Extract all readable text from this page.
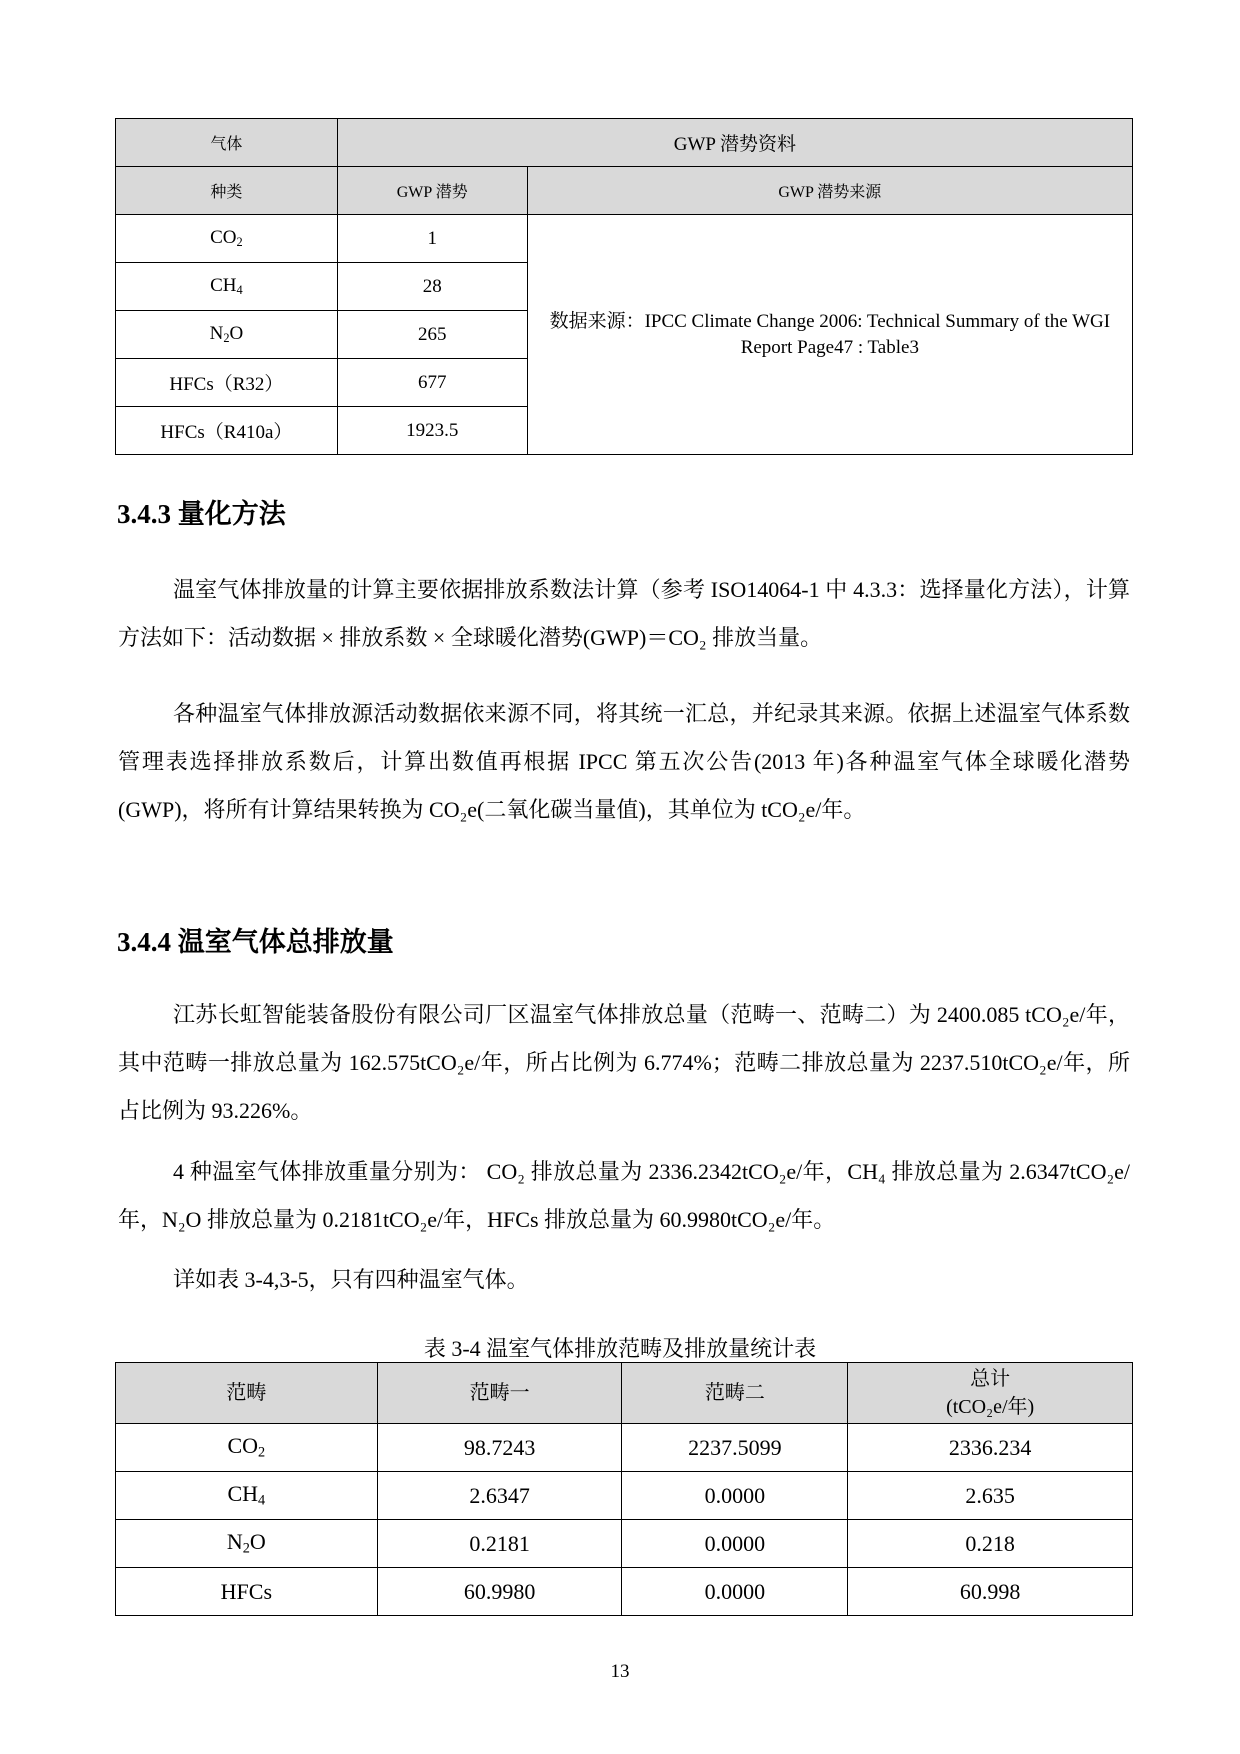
气体	GWP 潜势资料	
种类	GWP 潜势	GWP 潜势来源
$CO_2$	1	数据来源：IPCC Climate Change 2006: Technical Summary of the WGI Report Page47 : Table3
$CH_4$	28	
$N_2O$	265	
HFCs（R32）	677	
HFCs（R410a）	1923.5	
3.4.3 量化方法

温室气体排放量的计算主要依据排放系数法计算（参考 ISO14064-1 中 4.3.3：选择量化方法），计算方法如下：活动数据 × 排放系数 × 全球暖化潜势(GWP)＝CO₂ 排放当量。

各种温室气体排放源活动数据依来源不同，将其统一汇总，并纪录其来源。依据上述温室气体系数管理表选择排放系数后，计算出数值再根据 IPCC 第五次公告(2013 年)各种温室气体全球暖化潜势(GWP)，将所有计算结果转换为 CO₂e(二氧化碳当量值)，其单位为 tCO₂e/年。

3.4.4 温室气体总排放量

江苏长虹智能装备股份有限公司厂区温室气体排放总量（范畴一、范畴二）为 2400.085 tCO₂e/年，其中范畴一排放总量为 162.575tCO₂e/年，所占比例为 6.774%；范畴二排放总量为 2237.510tCO₂e/年，所占比例为 93.226%。

4 种温室气体排放重量分别为： CO₂ 排放总量为 2336.2342tCO₂e/年，CH₄ 排放总量为 2.6347tCO₂e/年，N₂O 排放总量为 0.2181tCO₂e/年，HFCs 排放总量为 60.9980tCO₂e/年。

详如表 3-4,3-5，只有四种温室气体。

表 3-4 温室气体排放范畴及排放量统计表
范畴	范畴一	范畴二	总计
(tCO₂e/年)

$CO_2$	98.7243	2237.5099	2336.234
$CH_4$	2.6347	0.0000	2.635
$N_2O$	0.2181	0.0000	0.218
HFCs	60.9980	0.0000	60.998
13
